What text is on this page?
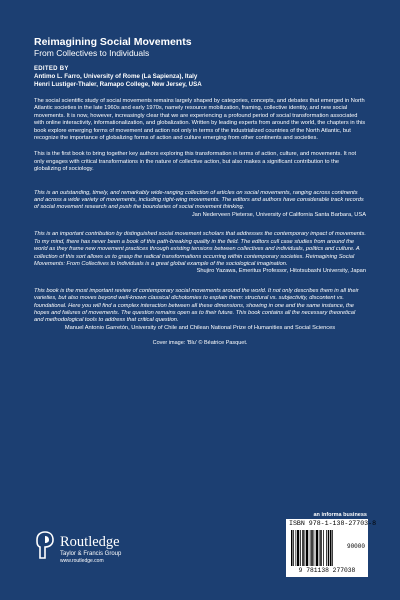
Reimagining Social Movements

From Collectives to Individuals

EDITED BY
Antimo L. Farro, University of Rome (La Sapienza), Italy
Henri Lustiger-Thaler, Ramapo College, New Jersey, USA

The social scientific study of social movements remains largely shaped by categories, concepts, and debates that emerged in North Atlantic societies in the late 1960s and early 1970s, namely resource mobilization, framing, collective identity, and new social movements. It is now, however, increasingly clear that we are experiencing a profound period of social transformation associated with online interactivity, informationalization, and globalization. Written by leading experts from around the world, the chapters in this book explore emerging forms of movement and action not only in terms of the industrialized countries of the North Atlantic, but recognize the importance of globalizing forms of action and culture emerging from other continents and societies.

This is the first book to bring together key authors exploring this transformation in terms of action, culture, and movements. It not only engages with critical transformations in the nature of collective action, but also makes a significant contribution to the globalizing of sociology.

This is an outstanding, timely, and remarkably wide-ranging collection of articles on social movements, ranging across continents and across a wide variety of movements, including right-wing movements. The editors and authors have considerable track records of social movement research and push the boundaries of social movement thinking.

Jan Nederveen Pieterse, University of California Santa Barbara, USA

This is an important contribution by distinguished social movement scholars that addresses the contemporary impact of movements. To my mind, there has never been a book of this path-breaking quality in the field. The editors cull case studies from around the world as they frame new movement practices through existing tensions between collectives and individuals, politics and culture. A collection of this sort allows us to grasp the radical transformations occurring within contemporary societies. Reimagining Social Movements: From Collectives to Individuals is a great global example of the sociological imagination.

Shujiro Yazawa, Emeritus Professor, Hitotsubashi University, Japan

This book is the most important review of contemporary social movements around the world. It not only describes them in all their varieties, but also moves beyond well-known classical dichotomies to explain them: structural vs. subjectivity, discontent vs. foundational. Here you will find a complex interaction between all these dimensions, showing in one and the same instance, the hopes and failures of movements. The question remains open as to their future. This book contains all the necessary theoretical and methodological tools to address that critical question.

Manuel Antonio Garretón, University of Chile and Chilean National Prize of Humanities and Social Sciences

Cover image: 'Blu' © Béatrice Pasquet.
Routledge
Taylor & Francis Group
www.routledge.com
an informa business
ISBN 978-1-138-27703-8
90000
9 781138 277038
